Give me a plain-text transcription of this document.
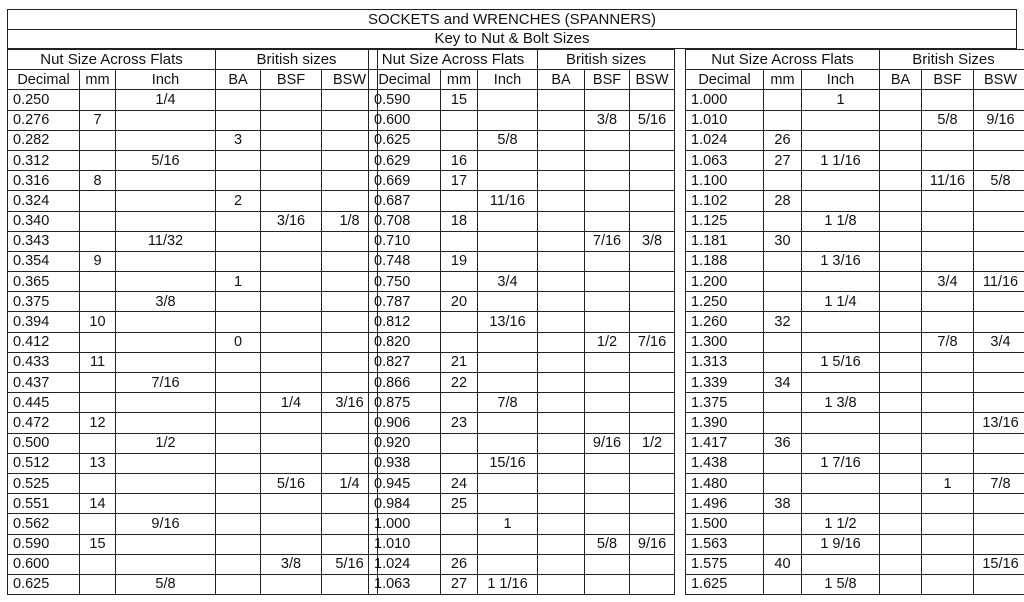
SOCKETS and WRENCHES (SPANNERS)
Key to Nut & Bolt Sizes
Nut Size Across Flats			British sizes		
Decimal	mm	Inch	BA	BSF	BSW
0.250		1/4			
0.276	7				
0.282			3		
0.312		5/16			
0.316	8				
0.324			2		
0.340				3/16	1/8
0.343		11/32			
0.354	9				
0.365			1		
0.375		3/8			
0.394	10				
0.412			0		
0.433	11				
0.437		7/16			
0.445				1/4	3/16
0.472	12				
0.500		1/2			
0.512	13				
0.525				5/16	1/4
0.551	14				
0.562		9/16			
0.590	15				
0.600				3/8	5/16
0.625		5/8			
Nut Size Across Flats			British sizes		
Decimal	mm	Inch	BA	BSF	BSW
0.590	15				
0.600				3/8	5/16
0.625		5/8			
0.629	16				
0.669	17				
0.687		11/16			
0.708	18				
0.710				7/16	3/8
0.748	19				
0.750		3/4			
0.787	20				
0.812		13/16			
0.820				1/2	7/16
0.827	21				
0.866	22				
0.875		7/8			
0.906	23				
0.920				9/16	1/2
0.938		15/16			
0.945	24				
0.984	25				
1.000		1			
1.010				5/8	9/16
1.024	26				
1.063	27	1 1/16			
Nut Size Across Flats			British Sizes		
Decimal	mm	Inch	BA	BSF	BSW
1.000		1			
1.010				5/8	9/16
1.024	26				
1.063	27	1 1/16			
1.100				11/16	5/8
1.102	28				
1.125		1 1/8			
1.181	30				
1.188		1 3/16			
1.200				3/4	11/16
1.250		1 1/4			
1.260	32				
1.300				7/8	3/4
1.313		1 5/16			
1.339	34				
1.375		1 3/8			
1.390					13/16
1.417	36				
1.438		1 7/16			
1.480				1	7/8
1.496	38				
1.500		1 1/2			
1.563		1 9/16			
1.575	40				15/16
1.625		1 5/8			
